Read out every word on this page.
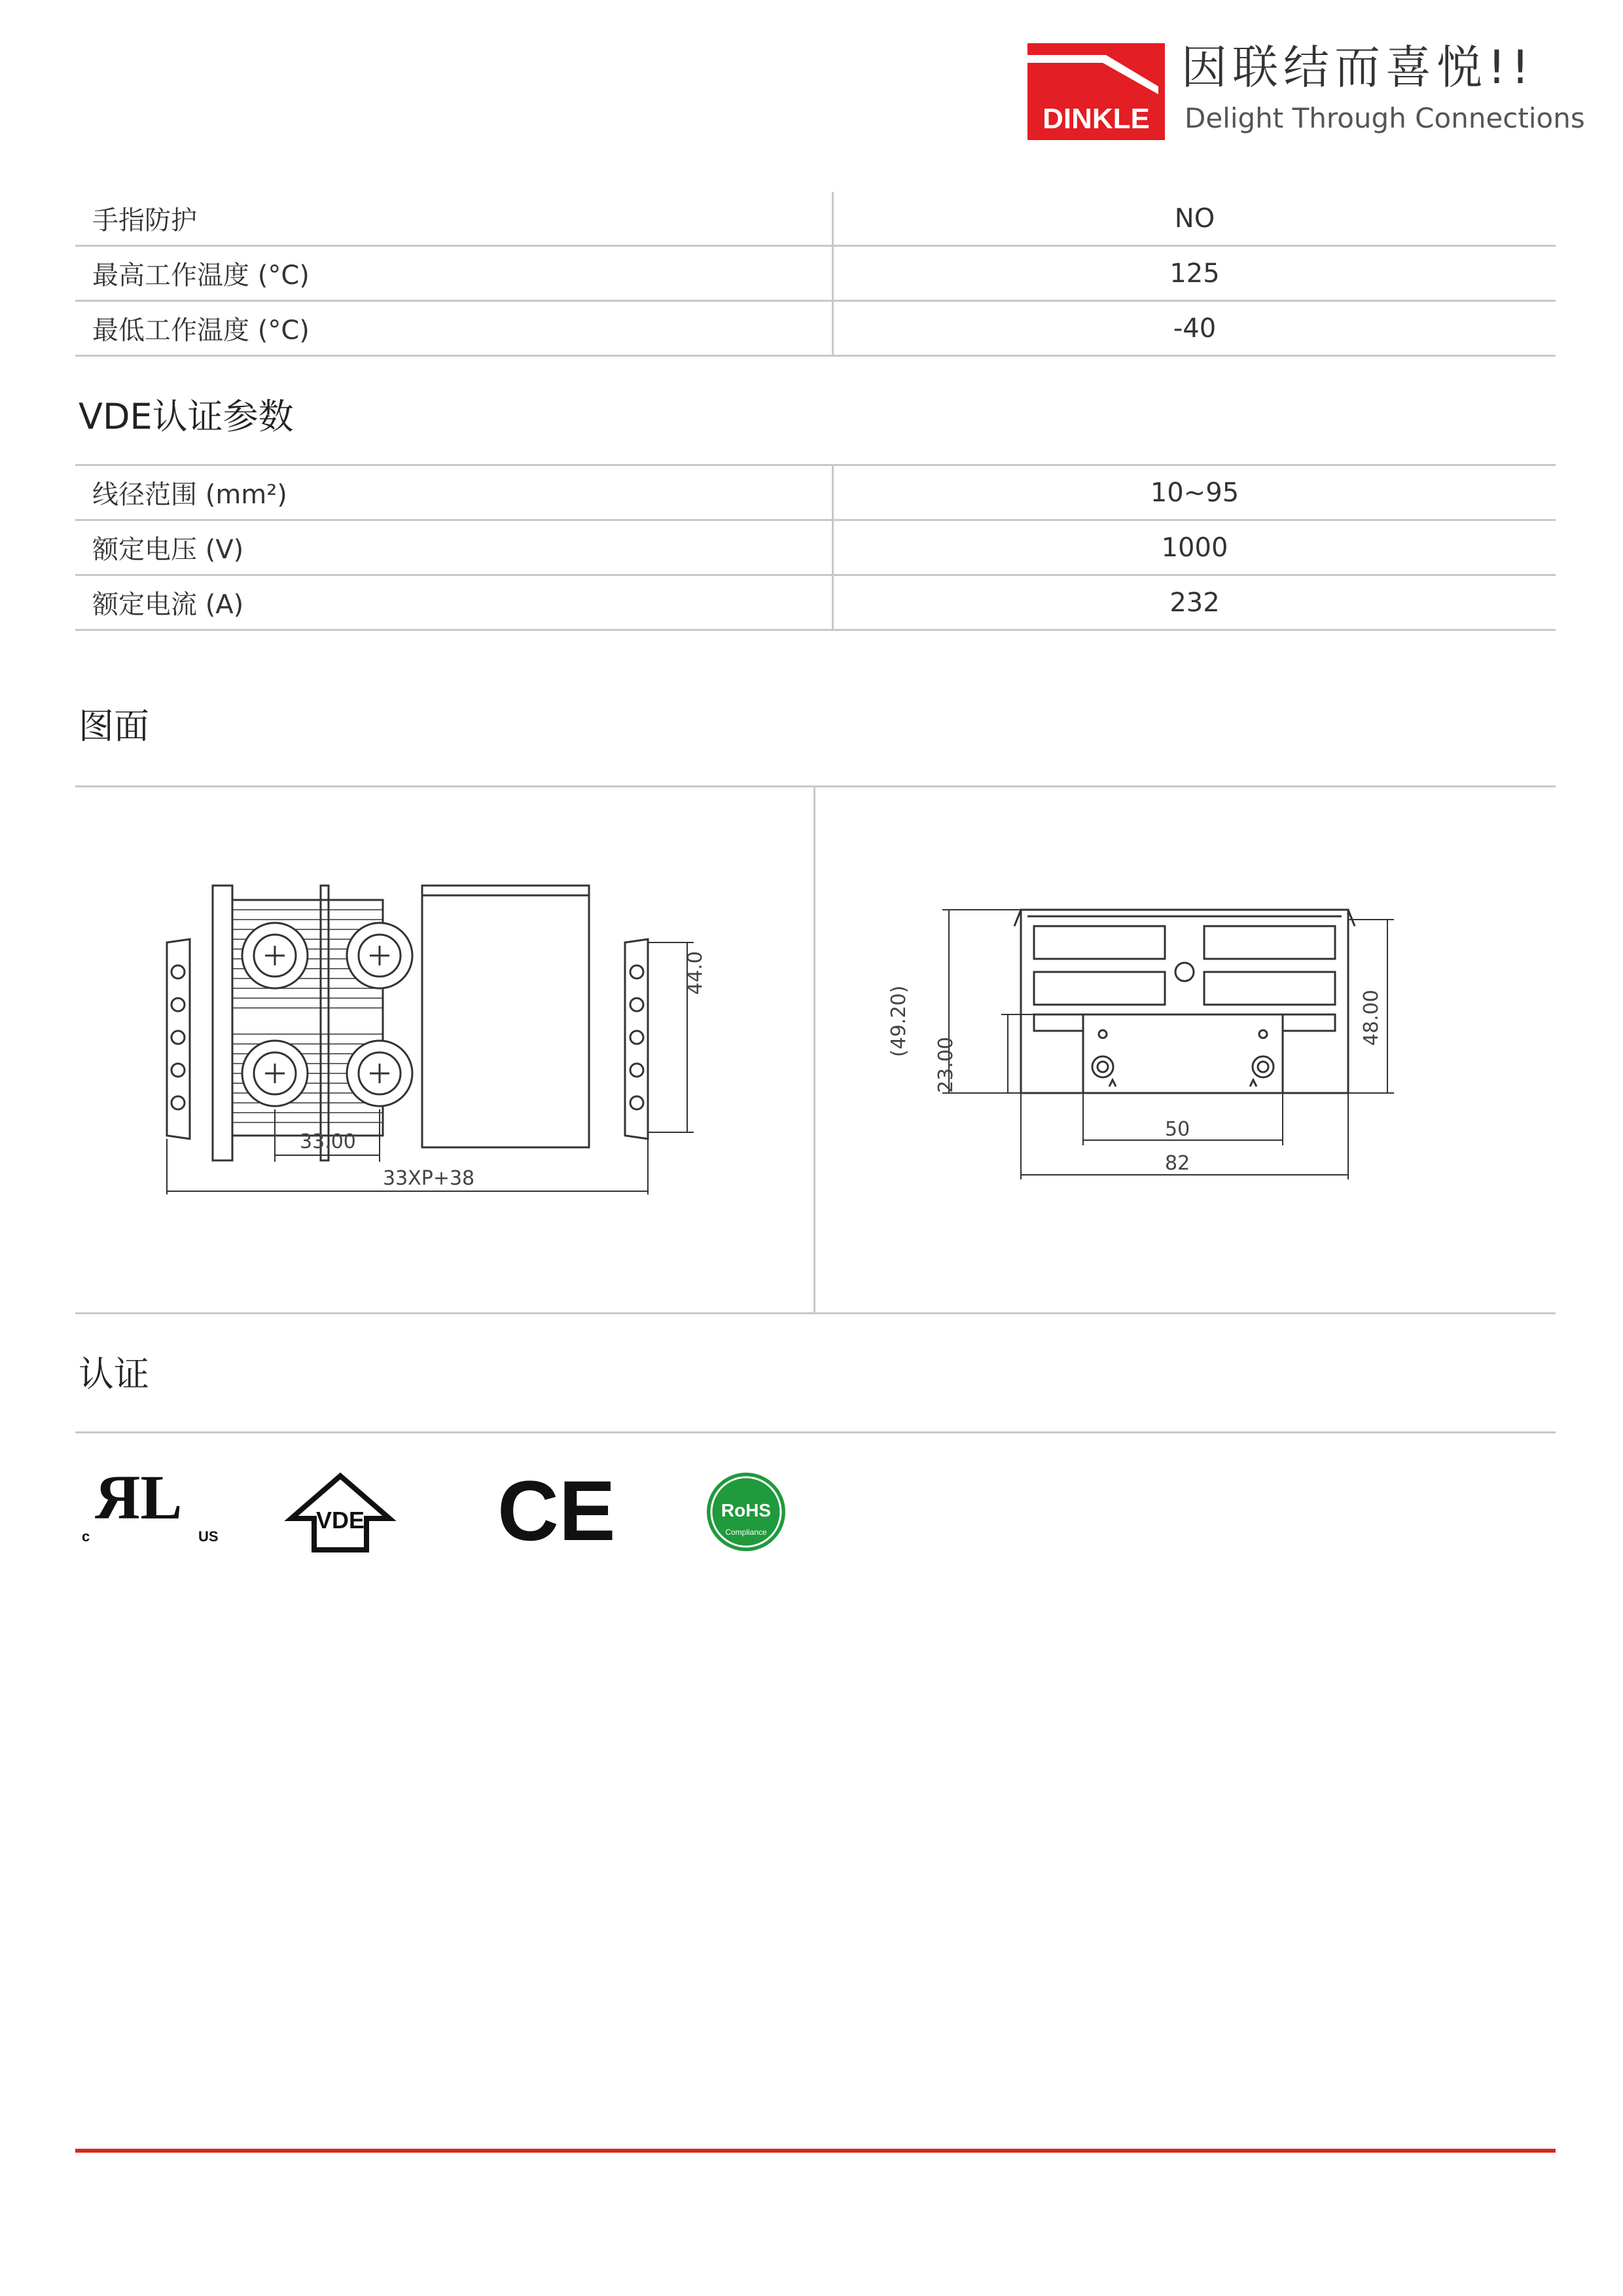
DINKLE
因联结而喜悦!!
Delight Through Connections
手指防护	NO
最高工作温度 (°C)	125
最低工作温度 (°C)	-40
VDE认证参数
线径范围 (mm²)	10~95
额定电压 (V)	1000
额定电流 (A)	232
图面
33.00
33XP+38
44.0
(49.20)
23.00
48.00
50
82
认证
ЯL
c	US
VDE CE	RoHS
Compliance
